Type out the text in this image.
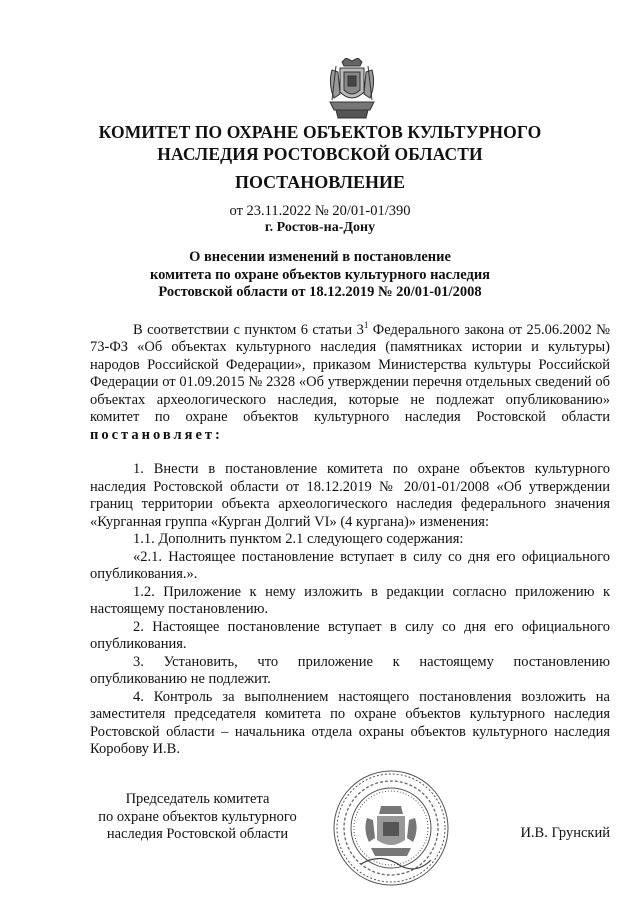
КОМИТЕТ ПО ОХРАНЕ ОБЪЕКТОВ КУЛЬТУРНОГО
НАСЛЕДИЯ РОСТОВСКОЙ ОБЛАСТИ
ПОСТАНОВЛЕНИЕ
от 23.11.2022 № 20/01-01/390
г. Ростов-на-Дону
О внесении изменений в постановление
комитета по охране объектов культурного наследия
Ростовской области от 18.12.2019 № 20/01-01/2008

В соответствии с пунктом 6 статьи $3^1$ Федерального закона от 25.06.2002 № 73-ФЗ «Об объектах культурного наследия (памятниках истории и культуры) народов Российской Федерации», приказом Министерства культуры Российской Федерации от 01.09.2015 № 2328 «Об утверждении перечня отдельных сведений об объектах археологического наследия, которые не подлежат опубликованию» комитет по охране объектов культурного наследия Ростовской области постановляет:

1. Внести в постановление комитета по охране объектов культурного наследия Ростовской области от 18.12.2019 № 20/01-01/2008 «Об утверждении границ территории объекта археологического наследия федерального значения «Курганная группа «Курган Долгий VI» (4 кургана)» изменения:

1.1. Дополнить пунктом 2.1 следующего содержания:

«2.1. Настоящее постановление вступает в силу со дня его официального опубликования.».

1.2. Приложение к нему изложить в редакции согласно приложению к настоящему постановлению.

2. Настоящее постановление вступает в силу со дня его официального опубликования.

3. Установить, что приложение к настоящему постановлению опубликованию не подлежит.

4. Контроль за выполнением настоящего постановления возложить на заместителя председателя комитета по охране объектов культурного наследия Ростовской области – начальника отдела охраны объектов культурного наследия Коробову И.В.

Председатель комитета
по охране объектов культурного
наследия Ростовской области	И.В. Грунский
